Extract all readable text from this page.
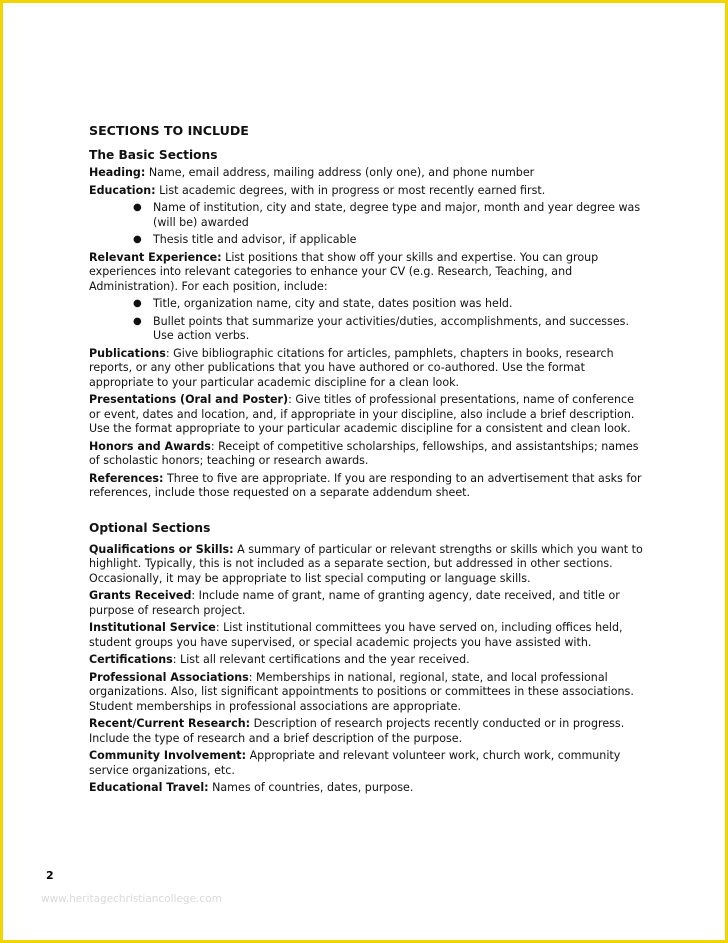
SECTIONS TO INCLUDE
The Basic Sections
Heading: Name, email address, mailing address (only one), and phone number
Education: List academic degrees, with in progress or most recently earned first.
● Name of institution, city and state, degree type and major, month and year degree was (will be) awarded
● Thesis title and advisor, if applicable
Relevant Experience: List positions that show off your skills and expertise. You can group experiences into relevant categories to enhance your CV (e.g. Research, Teaching, and Administration). For each position, include:
● Title, organization name, city and state, dates position was held.
● Bullet points that summarize your activities/duties, accomplishments, and successes. Use action verbs.
Publications: Give bibliographic citations for articles, pamphlets, chapters in books, research reports, or any other publications that you have authored or co-authored. Use the format appropriate to your particular academic discipline for a clean look.
Presentations (Oral and Poster): Give titles of professional presentations, name of conference or event, dates and location, and, if appropriate in your discipline, also include a brief description. Use the format appropriate to your particular academic discipline for a consistent and clean look.
Honors and Awards: Receipt of competitive scholarships, fellowships, and assistantships; names of scholastic honors; teaching or research awards.
References: Three to five are appropriate. If you are responding to an advertisement that asks for references, include those requested on a separate addendum sheet.
Optional Sections
Qualifications or Skills: A summary of particular or relevant strengths or skills which you want to highlight. Typically, this is not included as a separate section, but addressed in other sections. Occasionally, it may be appropriate to list special computing or language skills.
Grants Received: Include name of grant, name of granting agency, date received, and title or purpose of research project.
Institutional Service: List institutional committees you have served on, including offices held, student groups you have supervised, or special academic projects you have assisted with.
Certifications: List all relevant certifications and the year received.
Professional Associations: Memberships in national, regional, state, and local professional organizations. Also, list significant appointments to positions or committees in these associations. Student memberships in professional associations are appropriate.
Recent/Current Research: Description of research projects recently conducted or in progress. Include the type of research and a brief description of the purpose.
Community Involvement: Appropriate and relevant volunteer work, church work, community service organizations, etc.
Educational Travel: Names of countries, dates, purpose.
2
www.heritagechristiancollege.com
